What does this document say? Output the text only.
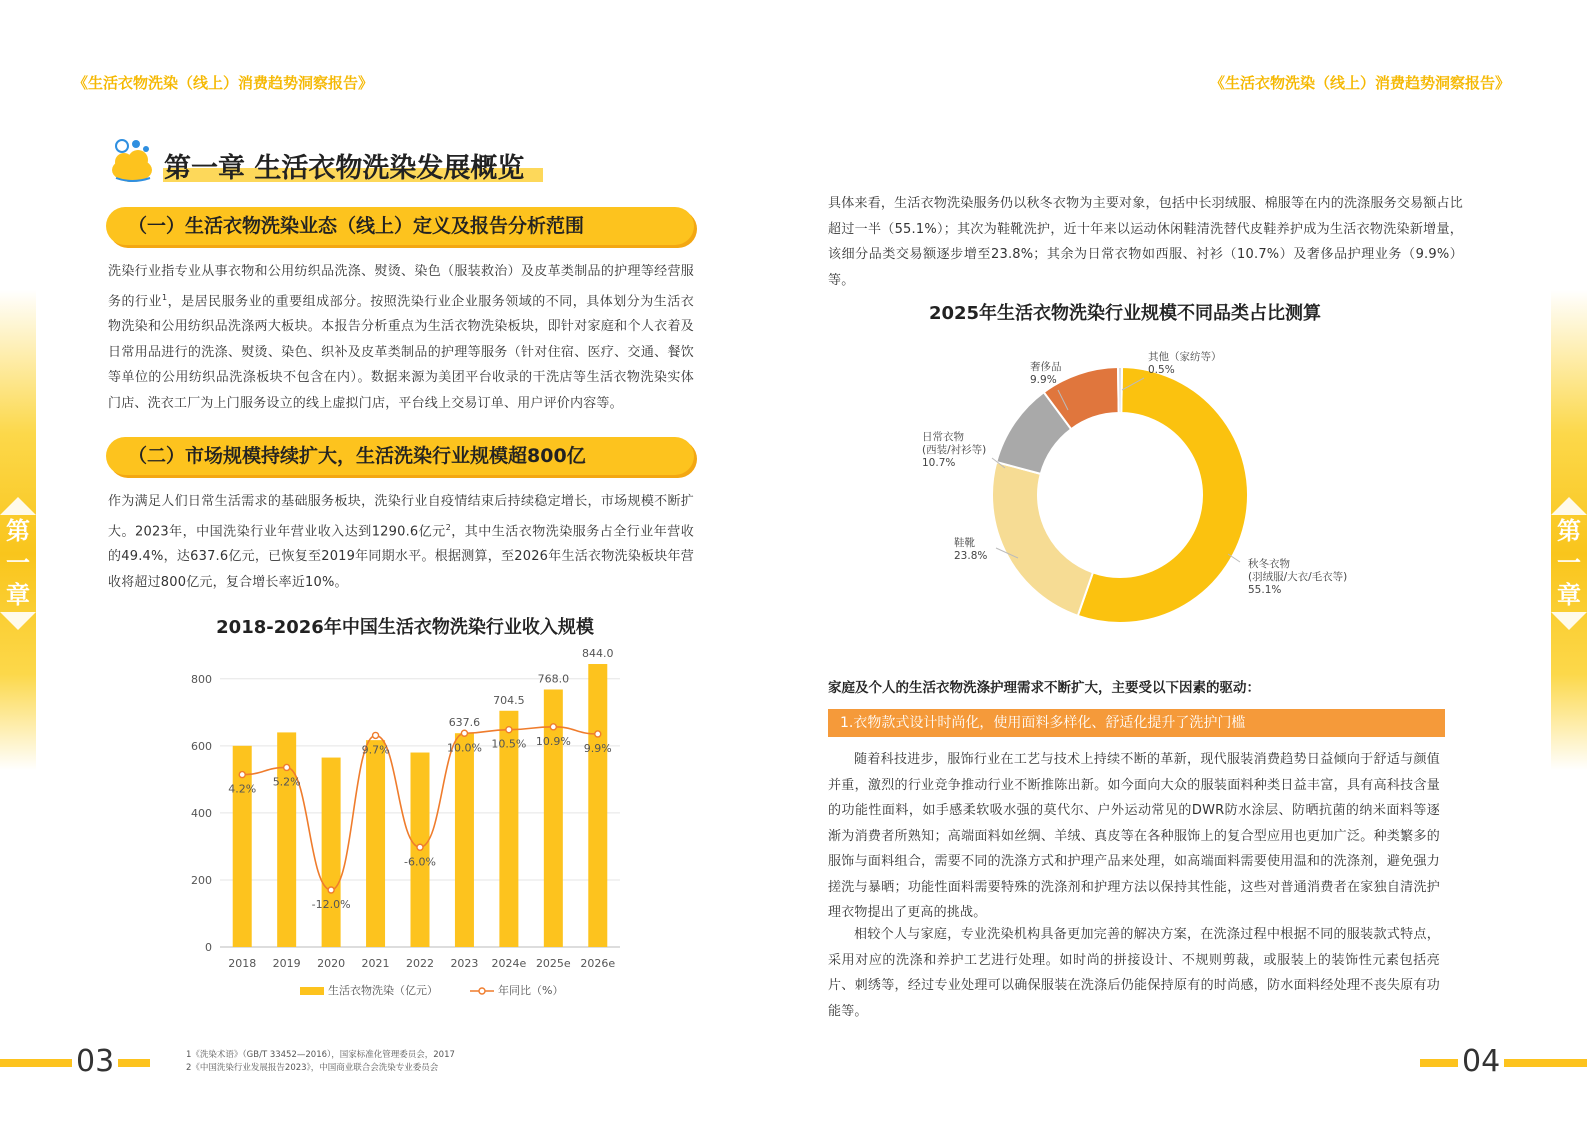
《生活衣物洗染（线上）消费趋势洞察报告》	《生活衣物洗染（线上）消费趋势洞察报告》
第
一
章
第
一
章
第一章 生活衣物洗染发展概览
（一）生活衣物洗染业态（线上）定义及报告分析范围
洗染行业指专业从事衣物和公用纺织品洗涤、熨烫、染色（服装救治）及皮革类制品的护理等经营服务的行业$^1$，是居民服务业的重要组成部分。按照洗染行业企业服务领域的不同，具体划分为生活衣物洗染和公用纺织品洗涤两大板块。本报告分析重点为生活衣物洗染板块，即针对家庭和个人衣着及日常用品进行的洗涤、熨烫、染色、织补及皮革类制品的护理等服务（针对住宿、医疗、交通、餐饮等单位的公用纺织品洗涤板块不包含在内）。数据来源为美团平台收录的干洗店等生活衣物洗染实体门店、洗衣工厂为上门服务设立的线上虚拟门店，平台线上交易订单、用户评价内容等。
（二）市场规模持续扩大，生活洗染行业规模超800亿
作为满足人们日常生活需求的基础服务板块，洗染行业自疫情结束后持续稳定增长，市场规模不断扩大。2023年，中国洗染行业年营业收入达到1290.6亿元$^2$，其中生活衣物洗染服务占全行业年营收的49.4%，达637.6亿元，已恢复至2019年同期水平。根据测算，至2026年生活衣物洗染板块年营收将超过800亿元，复合增长率近10%。
2018-2026年中国生活衣物洗染行业收入规模
0
200
400
600
800
2018 2019 2020 2021 2022
637.6
2023
704.5
2024e
768.0
2025e
844.0
2026e
4.2%
5.2%
-12.0%
9.7%
-6.0%
10.0% 10.5% 10.9%
9.9%
生活衣物洗染（亿元）	年同比（%）
03	1《洗染术语》（GB/T 33452—2016），国家标准化管理委员会，2017
2《中国洗染行业发展报告2023》，中国商业联合会洗染专业委员会
具体来看，生活衣物洗染服务仍以秋冬衣物为主要对象，包括中长羽绒服、棉服等在内的洗涤服务交易额占比超过一半（55.1%）；其次为鞋靴洗护，近十年来以运动休闲鞋清洗替代皮鞋养护成为生活衣物洗染新增量，该细分品类交易额逐步增至23.8%；其余为日常衣物如西服、衬衫（10.7%）及奢侈品护理业务（9.9%）等。
2025年生活衣物洗染行业规模不同品类占比测算
秋冬衣物
(羽绒服/大衣/毛衣等)
55.1%
鞋靴
23.8%
日常衣物
(西装/衬衫等)
10.7%
奢侈品
9.9%
其他（家纺等）
0.5%
家庭及个人的生活衣物洗涤护理需求不断扩大，主要受以下因素的驱动：
1.衣物款式设计时尚化，使用面料多样化、舒适化提升了洗护门槛
随着科技进步，服饰行业在工艺与技术上持续不断的革新，现代服装消费趋势日益倾向于舒适与颜值并重，激烈的行业竞争推动行业不断推陈出新。如今面向大众的服装面料种类日益丰富，具有高科技含量的功能性面料，如手感柔软吸水强的莫代尔、户外运动常见的DWR防水涂层、防晒抗菌的纳米面料等逐渐为消费者所熟知；高端面料如丝绸、羊绒、真皮等在各种服饰上的复合型应用也更加广泛。种类繁多的服饰与面料组合，需要不同的洗涤方式和护理产品来处理，如高端面料需要使用温和的洗涤剂，避免强力搓洗与暴晒；功能性面料需要特殊的洗涤剂和护理方法以保持其性能，这些对普通消费者在家独自清洗护理衣物提出了更高的挑战。
相较个人与家庭，专业洗染机构具备更加完善的解决方案，在洗涤过程中根据不同的服装款式特点，采用对应的洗涤和养护工艺进行处理。如时尚的拼接设计、不规则剪裁，或服装上的装饰性元素包括亮片、刺绣等，经过专业处理可以确保服装在洗涤后仍能保持原有的时尚感，防水面料经处理不丧失原有功能等。
04
